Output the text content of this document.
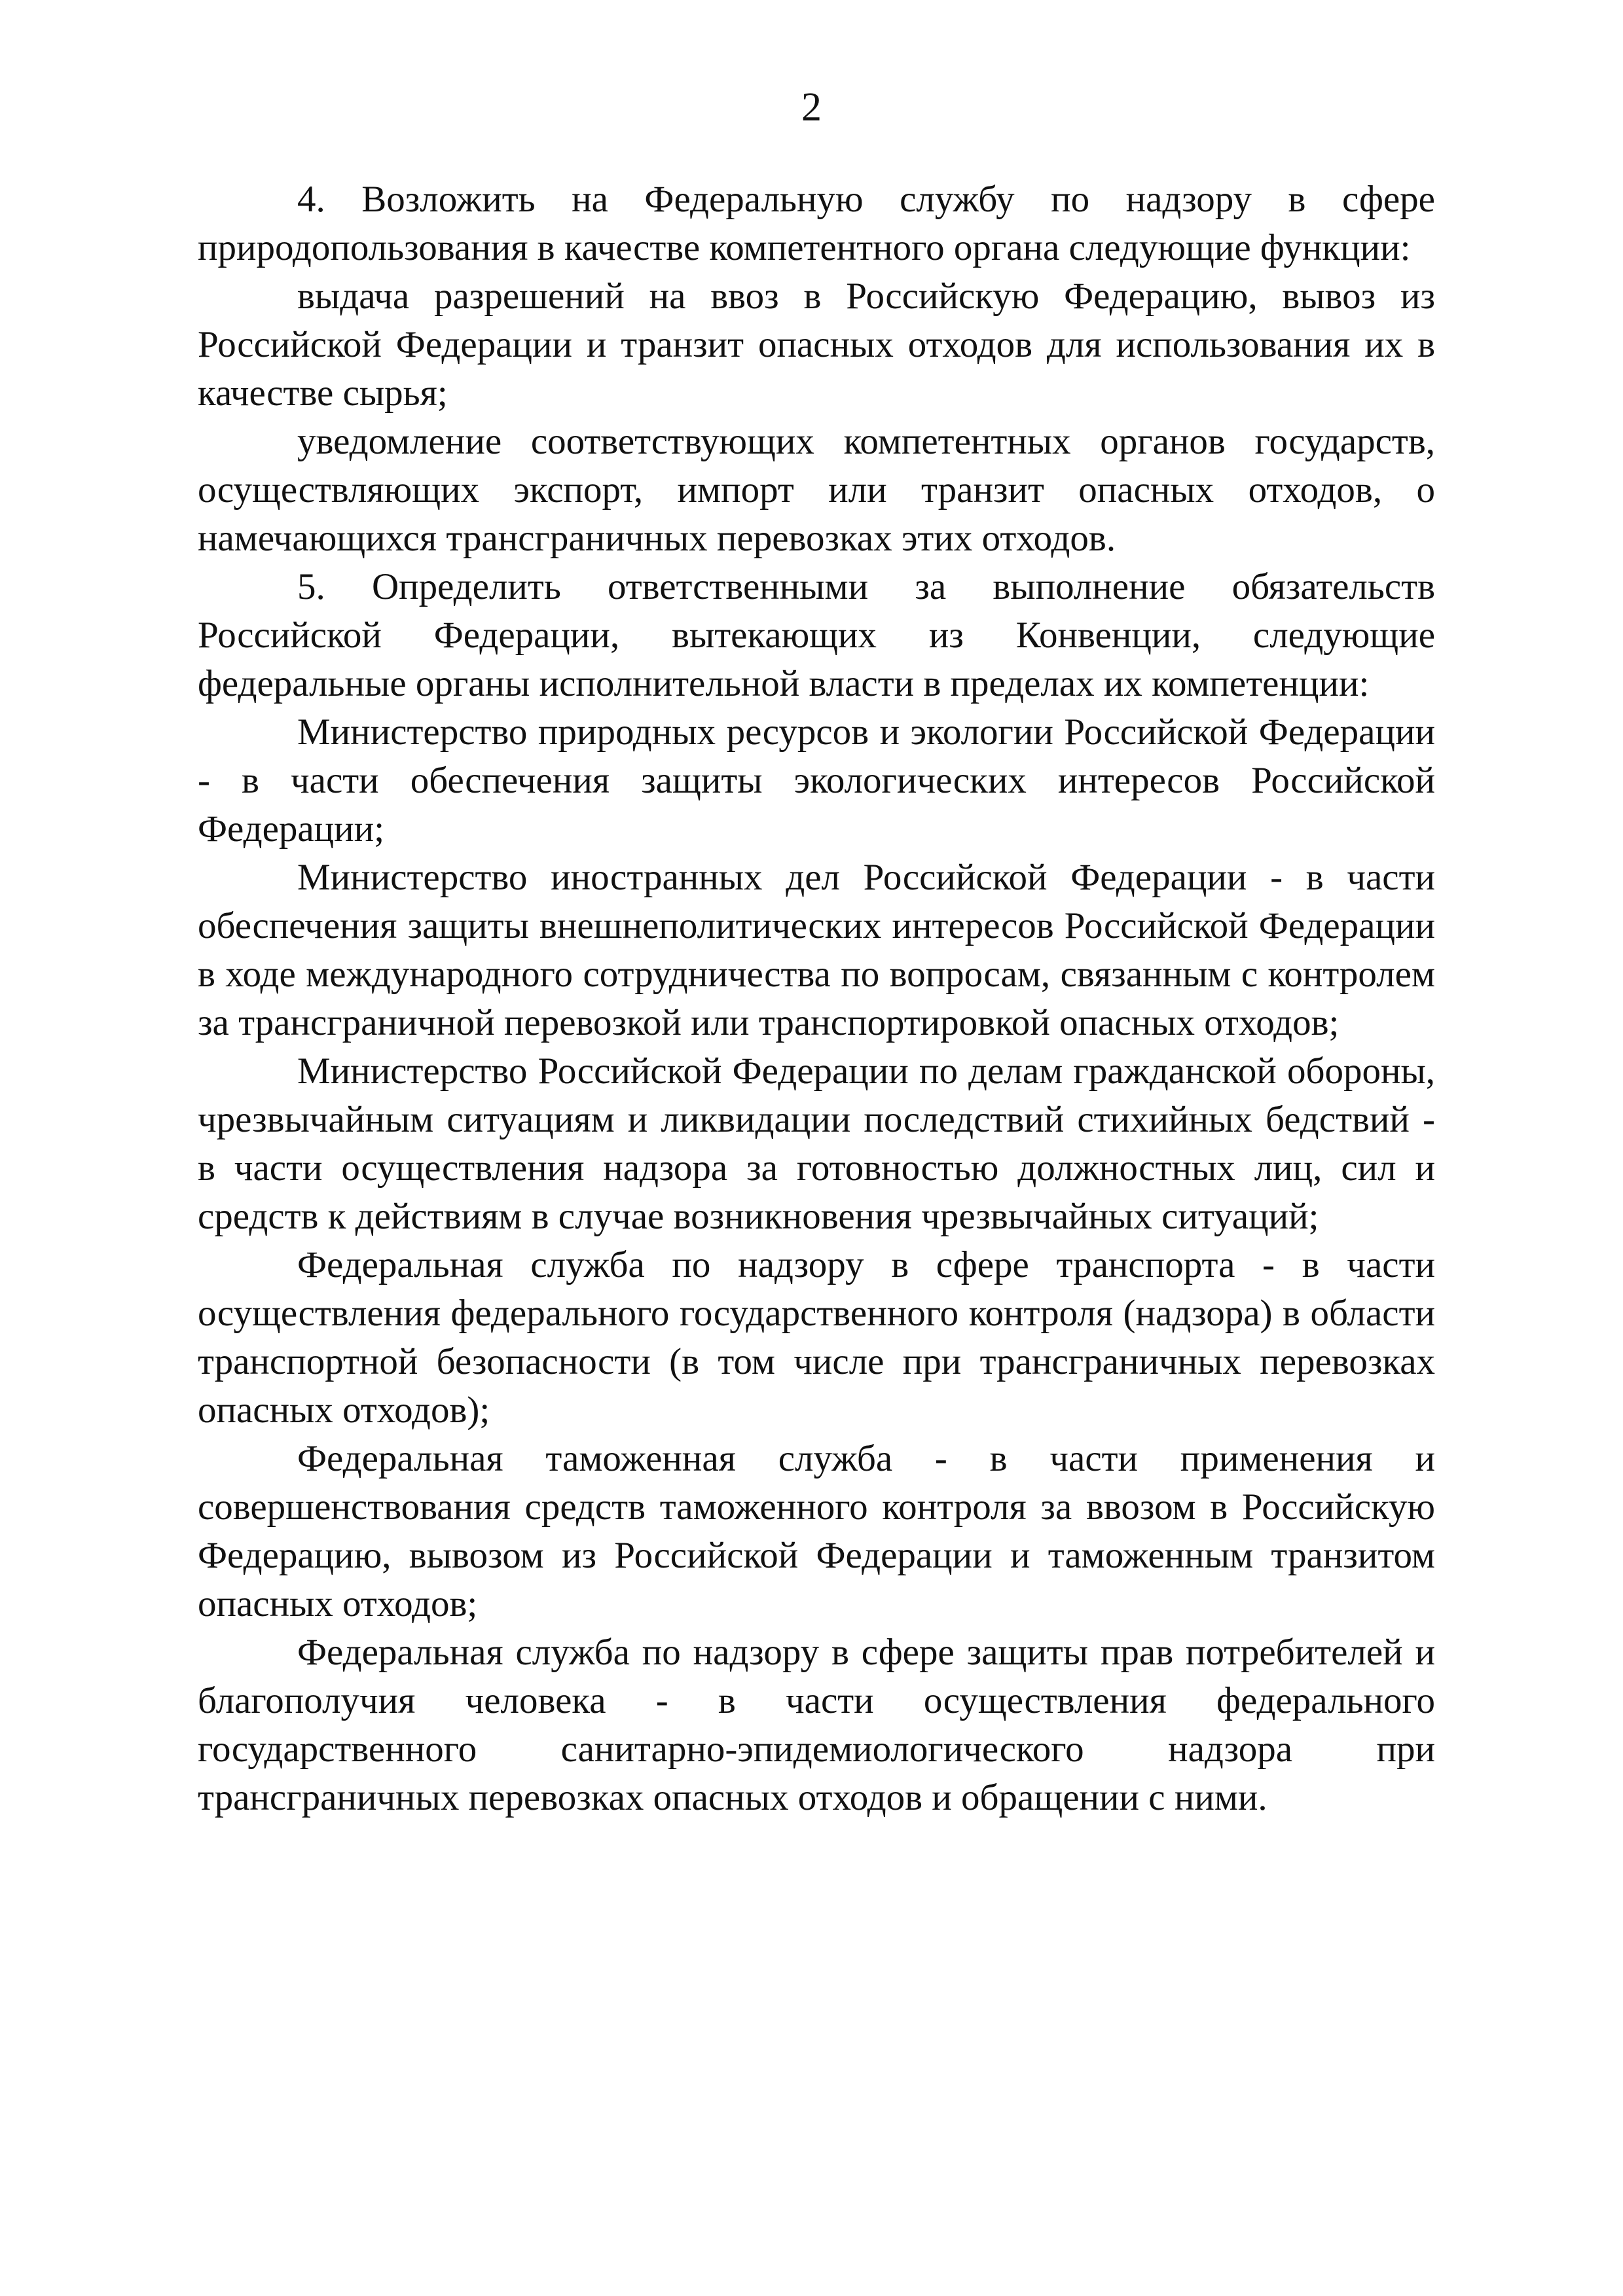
2

4. Возложить на Федеральную службу по надзору в сфере природопользования в качестве компетентного органа следующие функции:

выдача разрешений на ввоз в Российскую Федерацию, вывоз из Российской Федерации и транзит опасных отходов для использования их в качестве сырья;

уведомление соответствующих компетентных органов государств, осуществляющих экспорт, импорт или транзит опасных отходов, о намечающихся трансграничных перевозках этих отходов.

5. Определить ответственными за выполнение обязательств Российской Федерации, вытекающих из Конвенции, следующие федеральные органы исполнительной власти в пределах их компетенции:

Министерство природных ресурсов и экологии Российской Федерации - в части обеспечения защиты экологических интересов Российской Федерации;

Министерство иностранных дел Российской Федерации - в части обеспечения защиты внешнеполитических интересов Российской Федерации в ходе международного сотрудничества по вопросам, связанным с контролем за трансграничной перевозкой или транспортировкой опасных отходов;

Министерство Российской Федерации по делам гражданской обороны, чрезвычайным ситуациям и ликвидации последствий стихийных бедствий - в части осуществления надзора за готовностью должностных лиц, сил и средств к действиям в случае возникновения чрезвычайных ситуаций;

Федеральная служба по надзору в сфере транспорта - в части осуществления федерального государственного контроля (надзора) в области транспортной безопасности (в том числе при трансграничных перевозках опасных отходов);

Федеральная таможенная служба - в части применения и совершенствования средств таможенного контроля за ввозом в Российскую Федерацию, вывозом из Российской Федерации и таможенным транзитом опасных отходов;

Федеральная служба по надзору в сфере защиты прав потребителей и благополучия человека - в части осуществления федерального государственного санитарно-эпидемиологического надзора при трансграничных перевозках опасных отходов и обращении с ними.
